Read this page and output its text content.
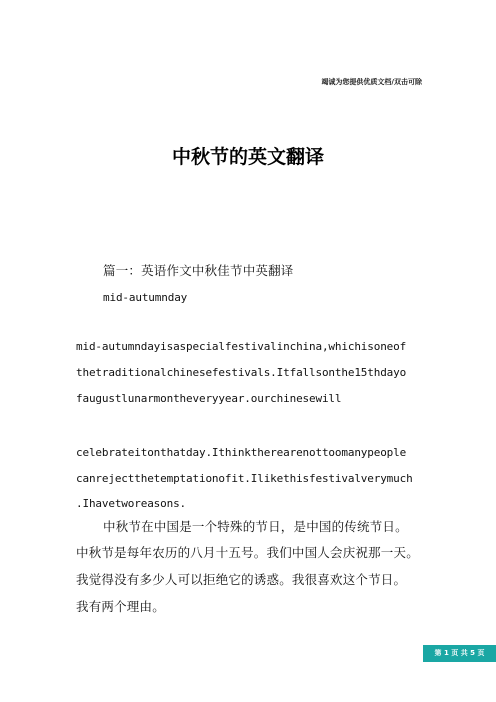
竭诚为您提供优质文档/双击可除
中秋节的英文翻译
篇一：英语作文中秋佳节中英翻译
mid-autumnday
mid-autumndayisaspecialfestivalinchina,whichisoneof
thetraditionalchinesefestivals.Itfallsonthe15thdayo
faugustlunarmontheveryyear.ourchinesewill
celebrateitonthatday.Ithinktherearenottoomanypeople
canrejectthetemptationofit.Ilikethisfestivalverymuch
.Ihavetworeasons.
中秋节在中国是一个特殊的节日，是中国的传统节日。
中秋节是每年农历的八月十五号。我们中国人会庆祝那一天。
我觉得没有多少人可以拒绝它的诱惑。我很喜欢这个节日。
我有两个理由。
第 1 页 共 5 页
